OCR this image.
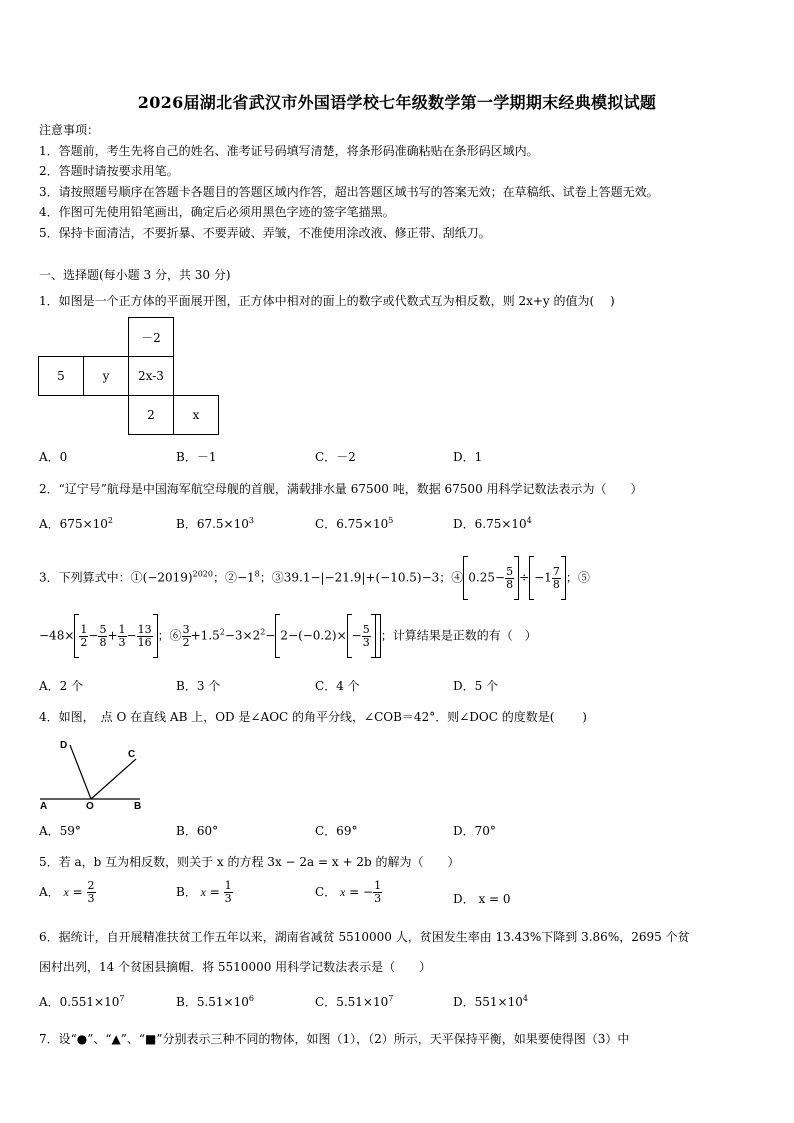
2026届湖北省武汉市外国语学校七年级数学第一学期期末经典模拟试题
注意事项：
1．答题前，考生先将自己的姓名、准考证号码填写清楚，将条形码准确粘贴在条形码区域内。
2．答题时请按要求用笔。
3．请按照题号顺序在答题卡各题目的答题区域内作答，超出答题区域书写的答案无效；在草稿纸、试卷上答题无效。
4．作图可先使用铅笔画出，确定后必须用黑色字迹的签字笔描黑。
5．保持卡面清洁，不要折暴、不要弄破、弄皱，不准使用涂改液、修正带、刮纸刀。
一、选择题(每小题 3 分，共 30 分)
1．如图是一个正方体的平面展开图，正方体中相对的面上的数字或代数式互为相反数，则 2x+y 的值为(　 )
		－2	
5	y	2x-3	
		2	x
A．0	B．－1	C．－2	D．1
2．“辽宁号”航母是中国海军航空母舰的首舰，满载排水量 67500 吨，数据 67500 用科学记数法表示为（　　）
A．$675\times 10^2$	B．$67.5\times 10^3$	C．$6.75\times 10^5$	D．$6.75\times 10^4$
3．下列算式中：$①(-2019)^{2020}$；$②-1^8$；③39.1−|−21.9|+(−10.5)−3；④ $0.25- \frac{5}{8} \div -1 \frac{7}{8}$ ；⑤
$-48\times \frac{1}{2} - \frac{5}{8} + \frac{1}{3} - \frac{13}{16}$ ；⑥ $\frac{3}{2} +1.5^2-3\times 2^2- 2-(-0.2)\times - \frac{5}{3}$ ；计算结果是正数的有（　）
A．2 个	B．3 个	C．4 个	D．5 个
4．如图，　点 O 在直线 AB 上，OD 是∠AOC 的角平分线，∠COB＝42°．则∠DOC 的度数是(　　 )
D
C
A	O	B
A．59°	B．60°	C．69°	D．70°
5．若 a，b 互为相反数，则关于 x 的方程 3x − 2a = x + 2b 的解为（　　）
A． $x = \frac{2}{3}$	B． $x = \frac{1}{3}$	C． x = − $\frac{1}{3}$	D． x = 0
6．据统计，自开展精准扶贫工作五年以来，湖南省减贫 5510000 人，贫困发生率由 13.43%下降到 3.86%，2695 个贫
困村出列，14 个贫困县摘帽．将 5510000 用科学记数法表示是（　　）
A．$0.551\times 10^7$	B．$5.51\times 10^6$	C．$5.51\times 10^7$	D．$551\times 10^4$
7．设“●”、“▲”、“■”分别表示三种不同的物体，如图（1），（2）所示，天平保持平衡，如果要使得图（3）中
